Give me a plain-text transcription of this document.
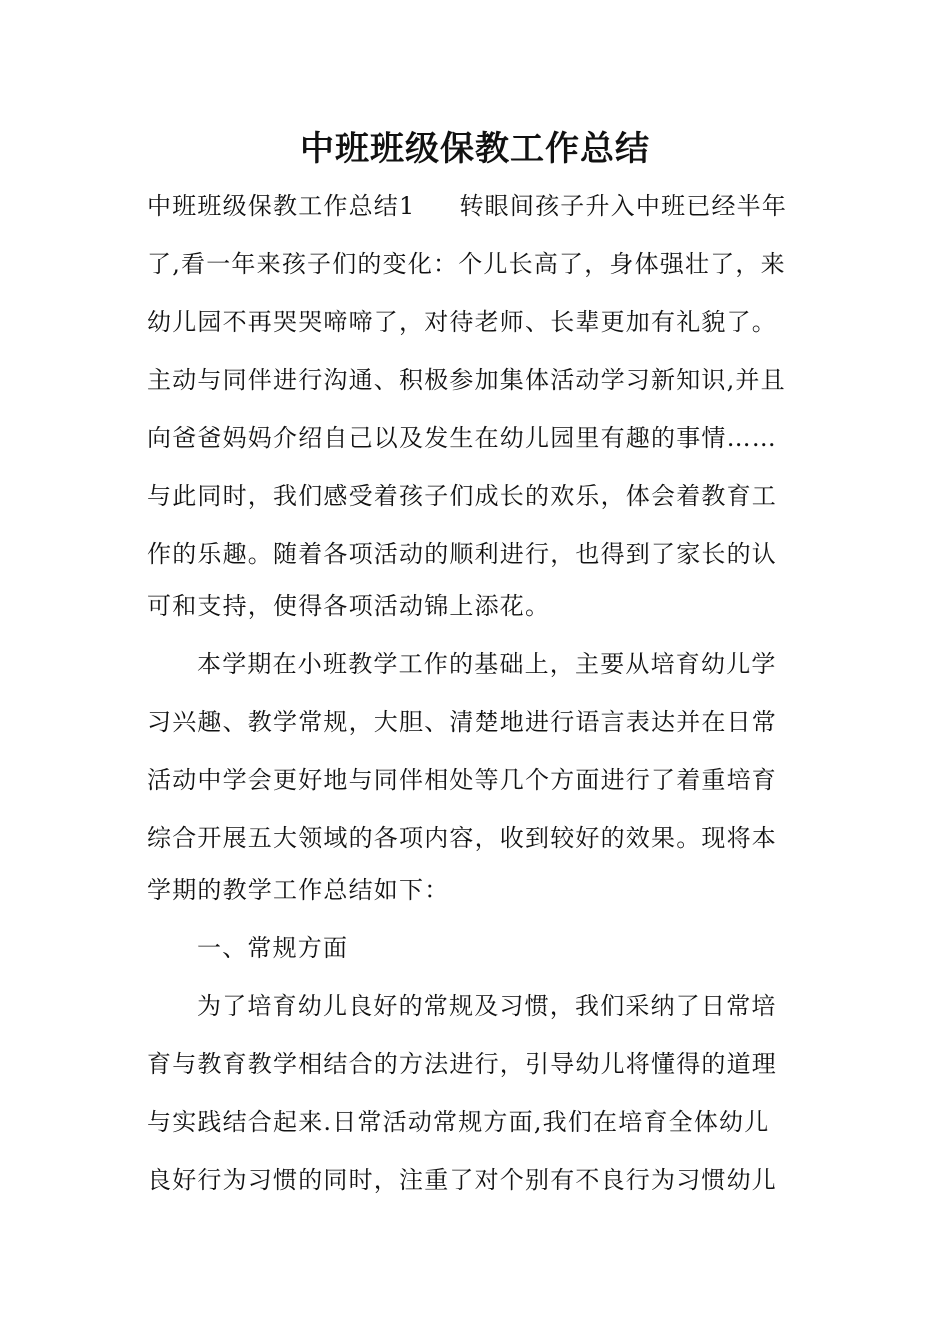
中班班级保教工作总结
中班班级保教工作总结1 转眼间孩子升入中班已经半年
了,看一年来孩子们的变化：个儿长高了，身体强壮了，来
幼儿园不再哭哭啼啼了，对待老师、长辈更加有礼貌了。
主动与同伴进行沟通、积极参加集体活动学习新知识,并且
向爸爸妈妈介绍自己以及发生在幼儿园里有趣的事情……
与此同时，我们感受着孩子们成长的欢乐，体会着教育工
作的乐趣。随着各项活动的顺利进行，也得到了家长的认
可和支持，使得各项活动锦上添花。
本学期在小班教学工作的基础上，主要从培育幼儿学
习兴趣、教学常规，大胆、清楚地进行语言表达并在日常
活动中学会更好地与同伴相处等几个方面进行了着重培育
综合开展五大领域的各项内容，收到较好的效果。现将本
学期的教学工作总结如下：
一、常规方面
为了培育幼儿良好的常规及习惯，我们采纳了日常培
育与教育教学相结合的方法进行，引导幼儿将懂得的道理
与实践结合起来.日常活动常规方面,我们在培育全体幼儿
良好行为习惯的同时，注重了对个别有不良行为习惯幼儿
